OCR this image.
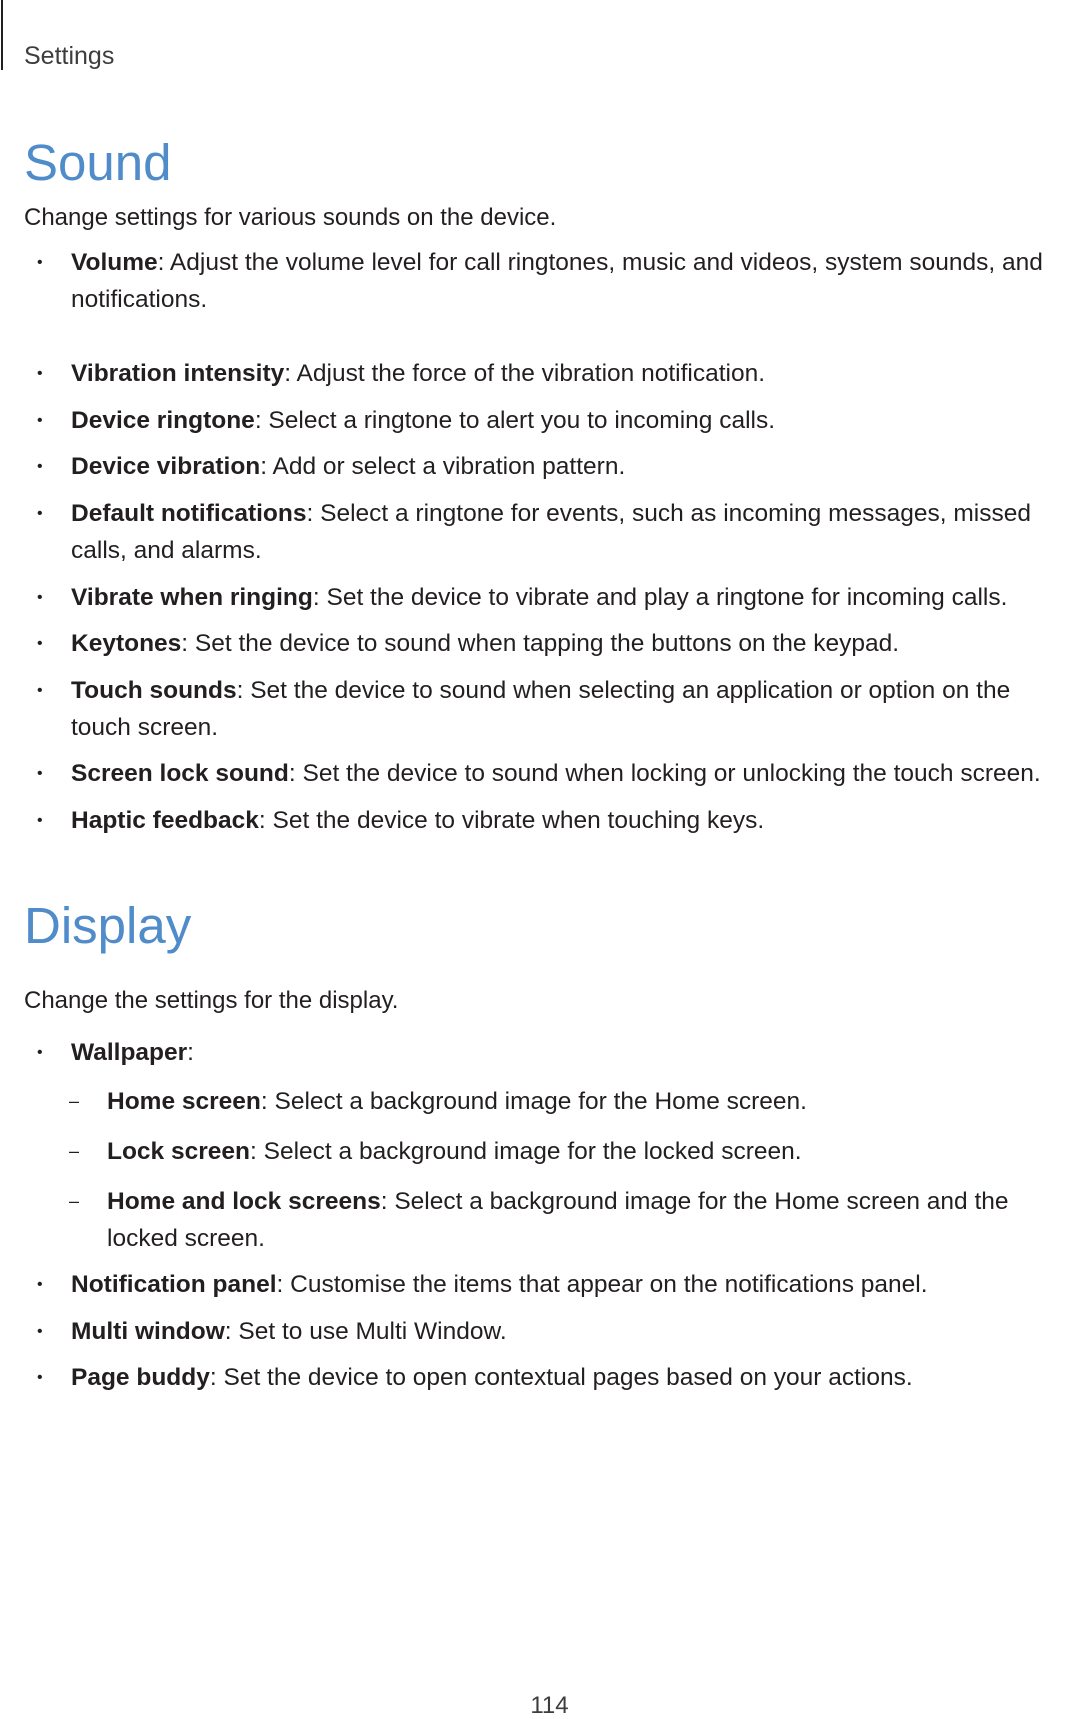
Settings
Sound

Change settings for various sounds on the device.

• Volume: Adjust the volume level for call ringtones, music and videos, system sounds, and notifications.
• Vibration intensity: Adjust the force of the vibration notification.
• Device ringtone: Select a ringtone to alert you to incoming calls.
• Device vibration: Add or select a vibration pattern.
• Default notifications: Select a ringtone for events, such as incoming messages, missed calls, and alarms.
• Vibrate when ringing: Set the device to vibrate and play a ringtone for incoming calls.
• Keytones: Set the device to sound when tapping the buttons on the keypad.
• Touch sounds: Set the device to sound when selecting an application or option on the touch screen.
• Screen lock sound: Set the device to sound when locking or unlocking the touch screen.
• Haptic feedback: Set the device to vibrate when touching keys.
Display

Change the settings for the display.

• Wallpaper:
– Home screen: Select a background image for the Home screen.
– Lock screen: Select a background image for the locked screen.
– Home and lock screens: Select a background image for the Home screen and the locked screen.
• Notification panel: Customise the items that appear on the notifications panel.
• Multi window: Set to use Multi Window.
• Page buddy: Set the device to open contextual pages based on your actions.
114
